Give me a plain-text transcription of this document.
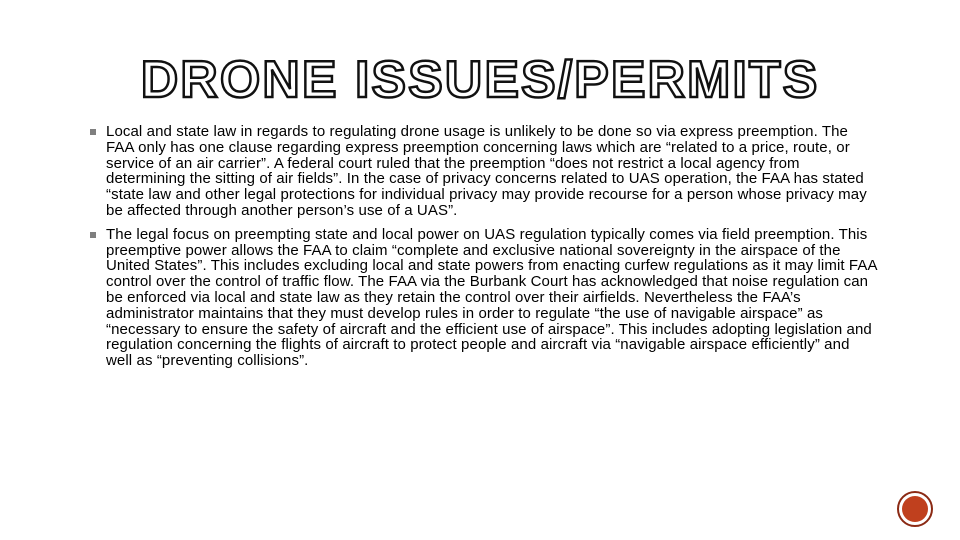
DRONE ISSUES/PERMITS
Local and state law in regards to regulating drone usage is unlikely to be done so via express preemption. The FAA only has one clause regarding express preemption concerning laws which are “related to a price, route, or service of an air carrier”. A federal court ruled that the preemption “does not restrict a local agency from determining the sitting of air fields”. In the case of privacy concerns related to UAS operation, the FAA has stated “state law and other legal protections for individual privacy may provide recourse for a person whose privacy may be affected through another person’s use of a UAS”.
The legal focus on preempting state and local power on UAS regulation typically comes via field preemption. This preemptive power allows the FAA to claim “complete and exclusive national sovereignty in the airspace of the United States”. This includes excluding local and state powers from enacting curfew regulations as it may limit FAA control over the control of traffic flow. The FAA via the Burbank Court has acknowledged that noise regulation can be enforced via local and state law as they retain the control over their airfields. Nevertheless the FAA’s administrator maintains that they must develop rules in order to regulate “the use of navigable airspace” as “necessary to ensure the safety of aircraft and the efficient use of airspace”. This includes adopting legislation and regulation concerning the flights of aircraft to protect people and aircraft via “navigable airspace efficiently” and well as “preventing collisions”.
